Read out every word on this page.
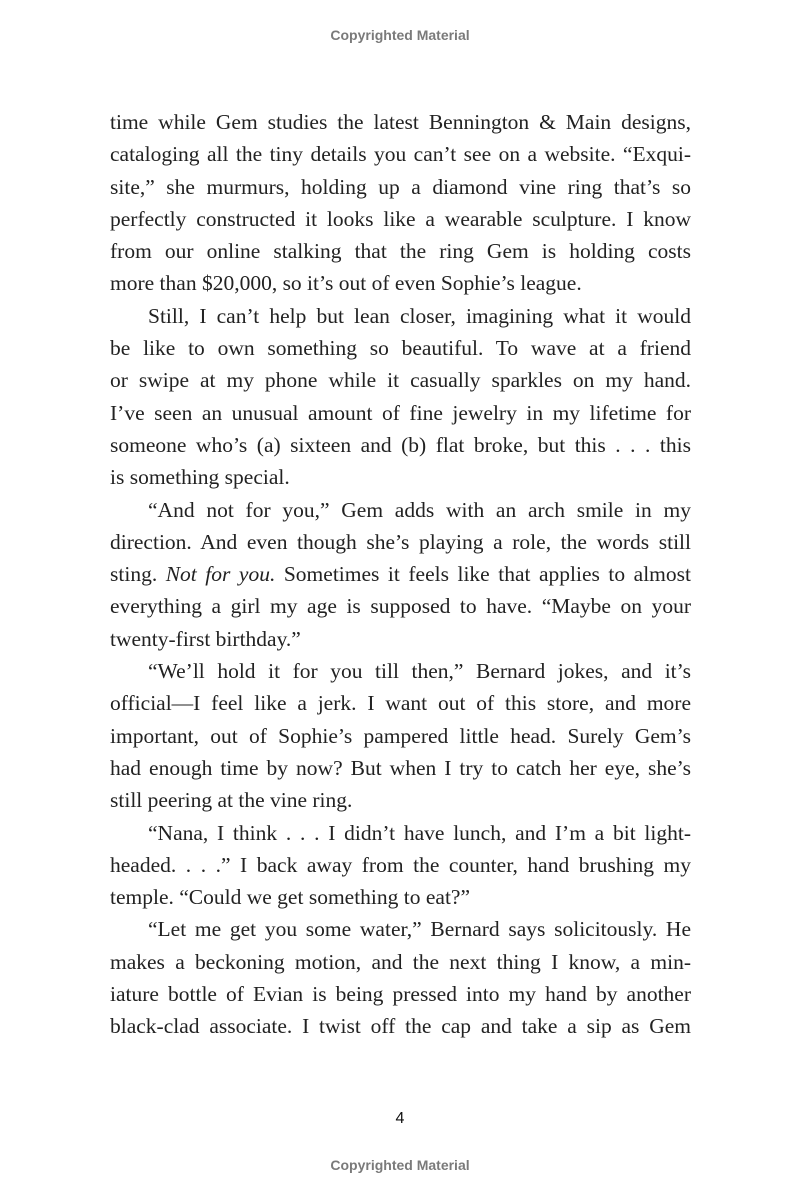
Copyrighted Material
time while Gem studies the latest Bennington & Main designs,
cataloging all the tiny details you can’t see on a website. “Exqui-
site,” she murmurs, holding up a diamond vine ring that’s so
perfectly constructed it looks like a wearable sculpture. I know
from our online stalking that the ring Gem is holding costs
more than $20,000, so it’s out of even Sophie’s league.
Still, I can’t help but lean closer, imagining what it would
be like to own something so beautiful. To wave at a friend
or swipe at my phone while it casually sparkles on my hand.
I’ve seen an unusual amount of fine jewelry in my lifetime for
someone who’s (a) sixteen and (b) flat broke, but this . . . this
is something special.
“And not for you,” Gem adds with an arch smile in my
direction. And even though she’s playing a role, the words still
sting. Not for you. Sometimes it feels like that applies to almost
everything a girl my age is supposed to have. “Maybe on your
twenty-first birthday.”
“We’ll hold it for you till then,” Bernard jokes, and it’s
official—I feel like a jerk. I want out of this store, and more
important, out of Sophie’s pampered little head. Surely Gem’s
had enough time by now? But when I try to catch her eye, she’s
still peering at the vine ring.
“Nana, I think . . . I didn’t have lunch, and I’m a bit light-
headed. . . .” I back away from the counter, hand brushing my
temple. “Could we get something to eat?”
“Let me get you some water,” Bernard says solicitously. He
makes a beckoning motion, and the next thing I know, a min-
iature bottle of Evian is being pressed into my hand by another
black-clad associate. I twist off the cap and take a sip as Gem
4
Copyrighted Material
